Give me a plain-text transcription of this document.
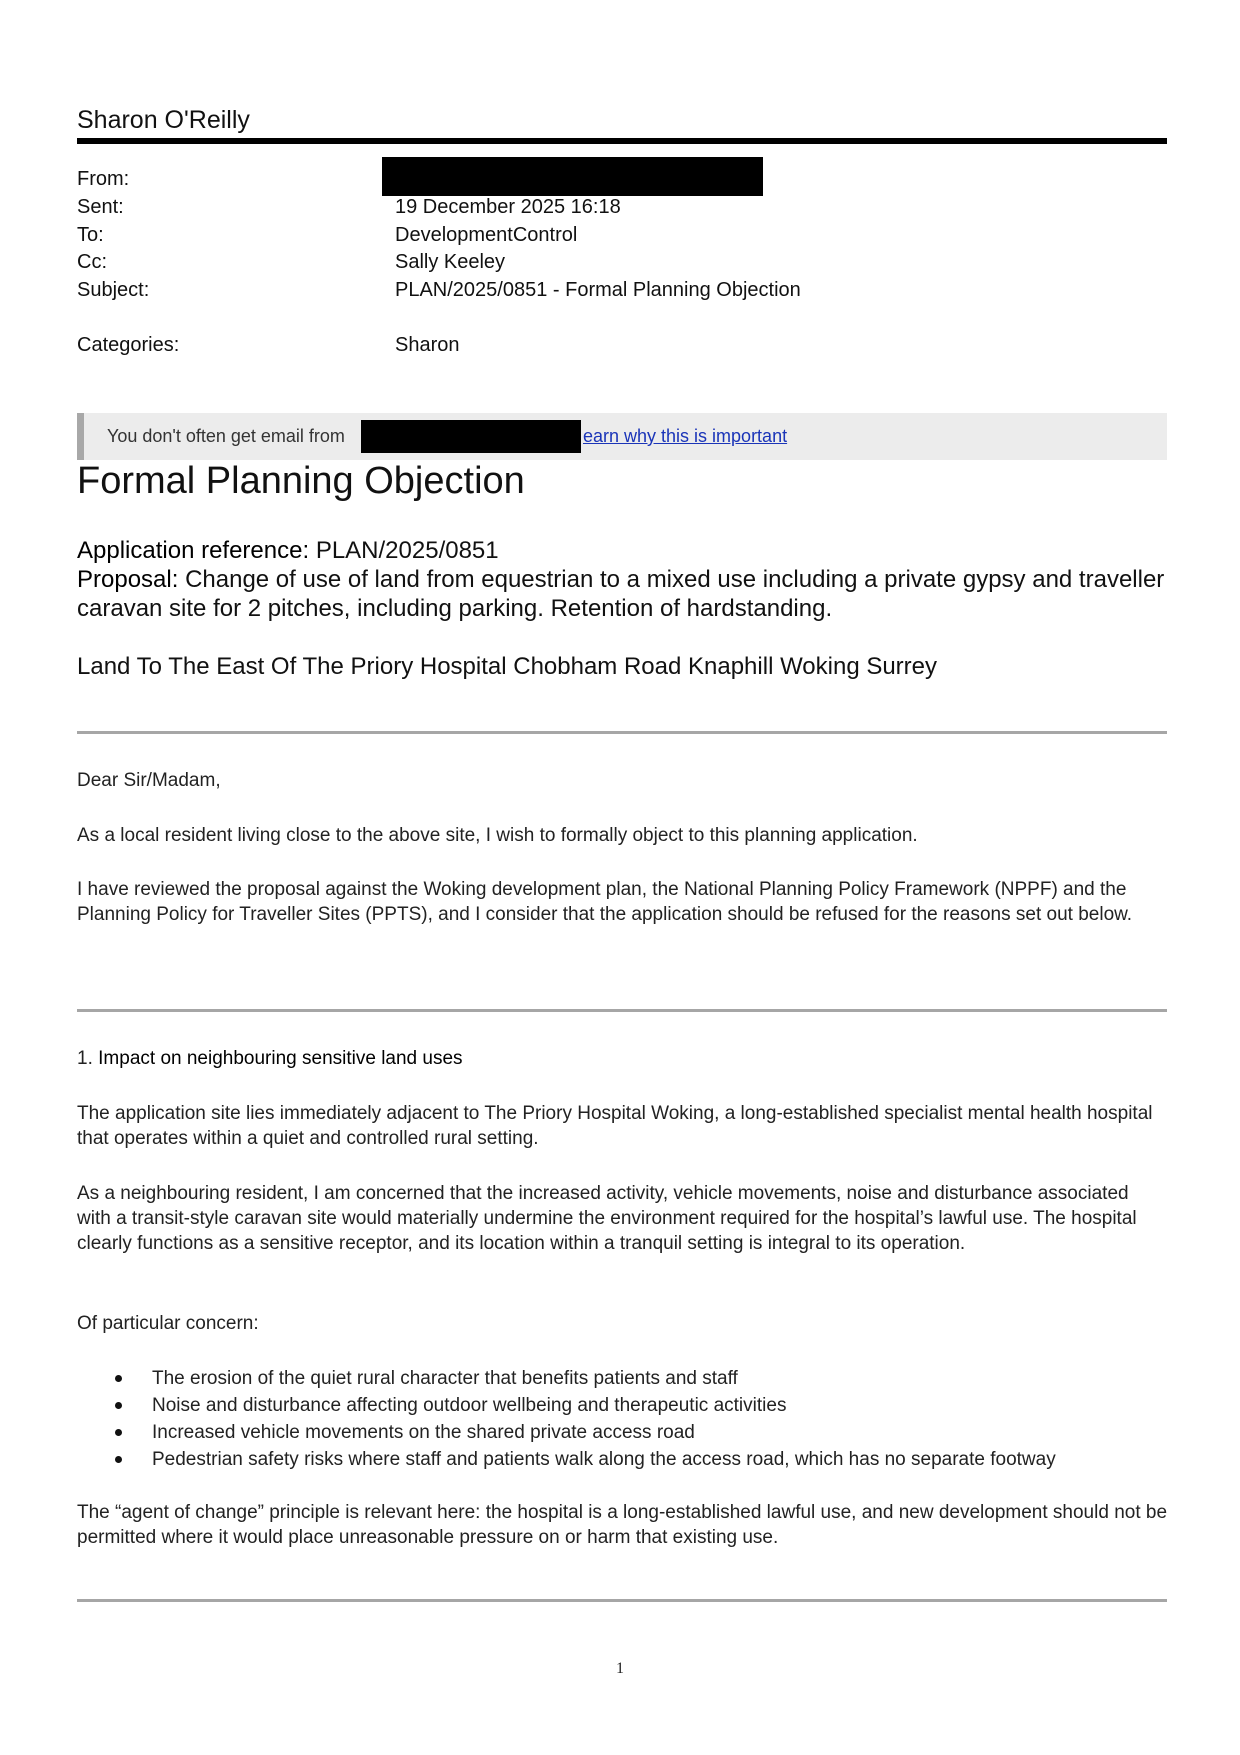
Sharon O'Reilly
From:
Sent:	19 December 2025 16:18
To:	DevelopmentControl
Cc:	Sally Keeley
Subject:	PLAN/2025/0851 - Formal Planning Objection
Categories:	Sharon
You don't often get email from	earn why this is important
Formal Planning Objection
Application reference: PLAN/2025/0851
Proposal: Change of use of land from equestrian to a mixed use including a private gypsy and traveller caravan site for 2 pitches, including parking. Retention of hardstanding.
Land To The East Of The Priory Hospital Chobham Road Knaphill Woking Surrey

Dear Sir/Madam,

As a local resident living close to the above site, I wish to formally object to this planning application.

I have reviewed the proposal against the Woking development plan, the National Planning Policy Framework (NPPF) and the Planning Policy for Traveller Sites (PPTS), and I consider that the application should be refused for the reasons set out below.

1. Impact on neighbouring sensitive land uses

The application site lies immediately adjacent to The Priory Hospital Woking, a long-established specialist mental health hospital that operates within a quiet and controlled rural setting.

As a neighbouring resident, I am concerned that the increased activity, vehicle movements, noise and disturbance associated with a transit-style caravan site would materially undermine the environment required for the hospital’s lawful use. The hospital clearly functions as a sensitive receptor, and its location within a tranquil setting is integral to its operation.

Of particular concern:

The erosion of the quiet rural character that benefits patients and staff
Noise and disturbance affecting outdoor wellbeing and therapeutic activities
Increased vehicle movements on the shared private access road
Pedestrian safety risks where staff and patients walk along the access road, which has no separate footway

The “agent of change” principle is relevant here: the hospital is a long-established lawful use, and new development should not be permitted where it would place unreasonable pressure on or harm that existing use.

1
